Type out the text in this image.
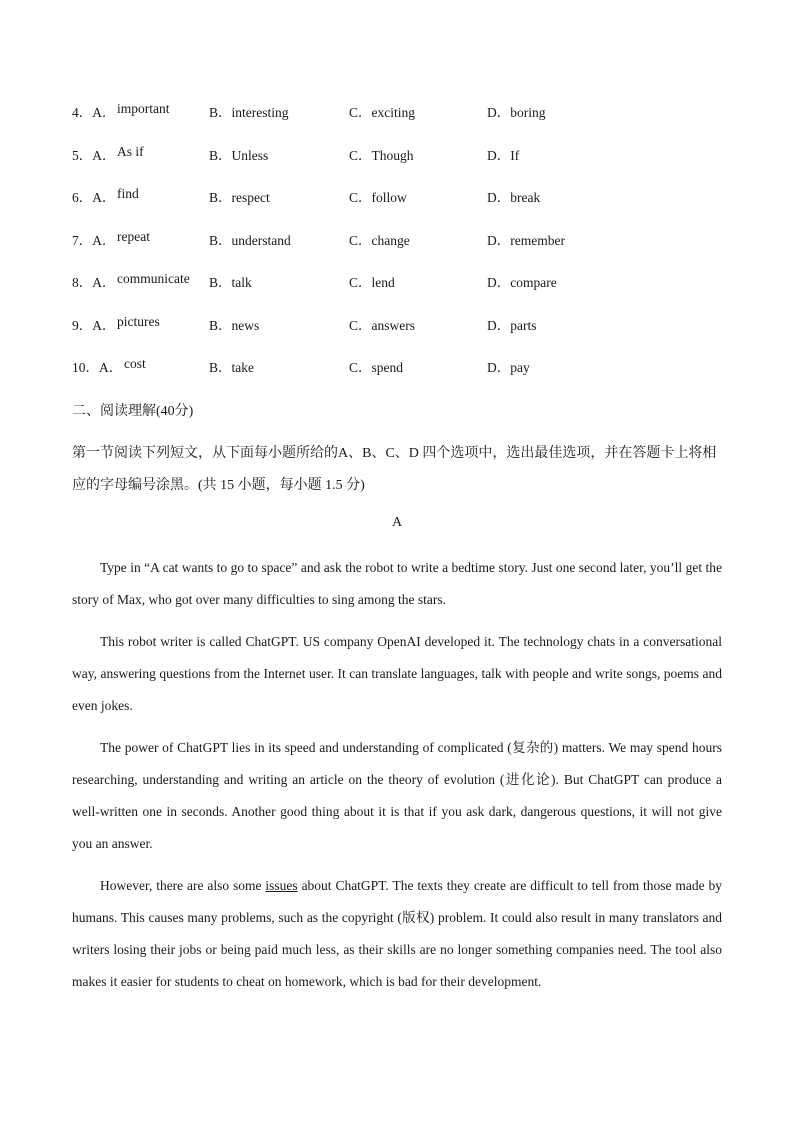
4．A． important	B．interesting	C．exciting	D．boring
5．A． As if	B．Unless	C．Though	D．If
6．A． find	B．respect	C．follow	D．break
7．A． repeat	B．understand	C．change	D．remember
8．A． communicate B．talk	C．lend	D．compare
9．A． pictures	B．news	C．answers	D．parts
10．A． cost	B．take	C．spend	D．pay
二、阅读理解(40分)
第一节阅读下列短文，从下面每小题所给的A、B、C、D 四个选项中，选出最佳选项，并在答题卡上将相应的字母编号涂黑。(共 15 小题，每小题 1.5 分)
A

Type in “A cat wants to go to space” and ask the robot to write a bedtime story. Just one second later, you’ll get the story of Max, who got over many difficulties to sing among the stars.

This robot writer is called ChatGPT. US company OpenAI developed it. The technology chats in a conversational way, answering questions from the Internet user. It can translate languages, talk with people and write songs, poems and even jokes.

The power of ChatGPT lies in its speed and understanding of complicated (复杂的) matters. We may spend hours researching, understanding and writing an article on the theory of evolution (进化论). But ChatGPT can produce a well-written one in seconds. Another good thing about it is that if you ask dark, dangerous questions, it will not give you an answer.

However, there are also some issues about ChatGPT. The texts they create are difficult to tell from those made by humans. This causes many problems, such as the copyright (版权) problem. It could also result in many translators and writers losing their jobs or being paid much less, as their skills are no longer something companies need. The tool also makes it easier for students to cheat on homework, which is bad for their development.
